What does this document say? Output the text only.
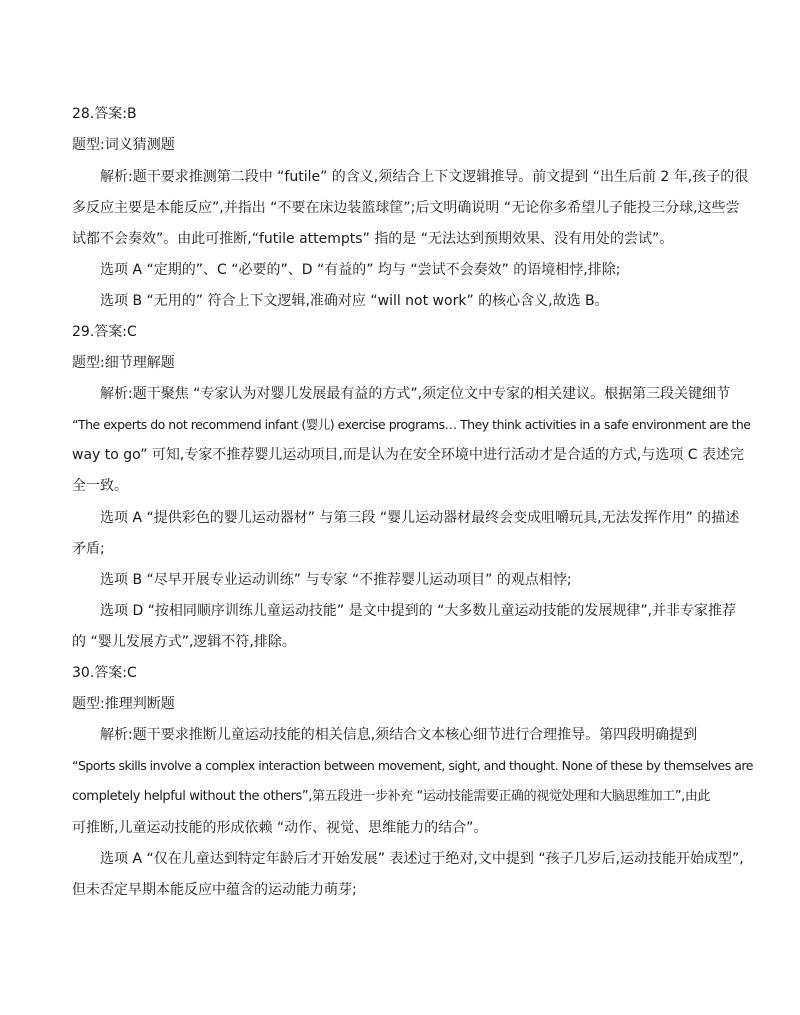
28.答案:B
题型:词义猜测题
解析:题干要求推测第二段中 “futile” 的含义,须结合上下文逻辑推导。前文提到 “出生后前 2 年,孩子的很
多反应主要是本能反应”,并指出 “不要在床边装篮球筐”;后文明确说明 “无论你多希望儿子能投三分球,这些尝
试都不会奏效”。由此可推断,“futile attempts” 指的是 “无法达到预期效果、没有用处的尝试”。
选项 A “定期的”、C “必要的”、D “有益的” 均与 “尝试不会奏效” 的语境相悖,排除;
选项 B “无用的” 符合上下文逻辑,准确对应 “will not work” 的核心含义,故选 B。
29.答案:C
题型:细节理解题
解析:题干聚焦 “专家认为对婴儿发展最有益的方式”,须定位文中专家的相关建议。根据第三段关键细节
“The experts do not recommend infant (婴儿) exercise programs… They think activities in a safe environment are the
way to go” 可知,专家不推荐婴儿运动项目,而是认为在安全环境中进行活动才是合适的方式,与选项 C 表述完
全一致。
选项 A “提供彩色的婴儿运动器材” 与第三段 “婴儿运动器材最终会变成咀嚼玩具,无法发挥作用” 的描述
矛盾;
选项 B “尽早开展专业运动训练” 与专家 “不推荐婴儿运动项目” 的观点相悖;
选项 D “按相同顺序训练儿童运动技能” 是文中提到的 “大多数儿童运动技能的发展规律”,并非专家推荐
的 “婴儿发展方式”,逻辑不符,排除。
30.答案:C
题型:推理判断题
解析:题干要求推断儿童运动技能的相关信息,须结合文本核心细节进行合理推导。第四段明确提到
“Sports skills involve a complex interaction between movement, sight, and thought. None of these by themselves are
completely helpful without the others”,第五段进一步补充 “运动技能需要正确的视觉处理和大脑思维加工”,由此
可推断,儿童运动技能的形成依赖 “动作、视觉、思维能力的结合”。
选项 A “仅在儿童达到特定年龄后才开始发展” 表述过于绝对,文中提到 “孩子几岁后,运动技能开始成型”,
但未否定早期本能反应中蕴含的运动能力萌芽;
